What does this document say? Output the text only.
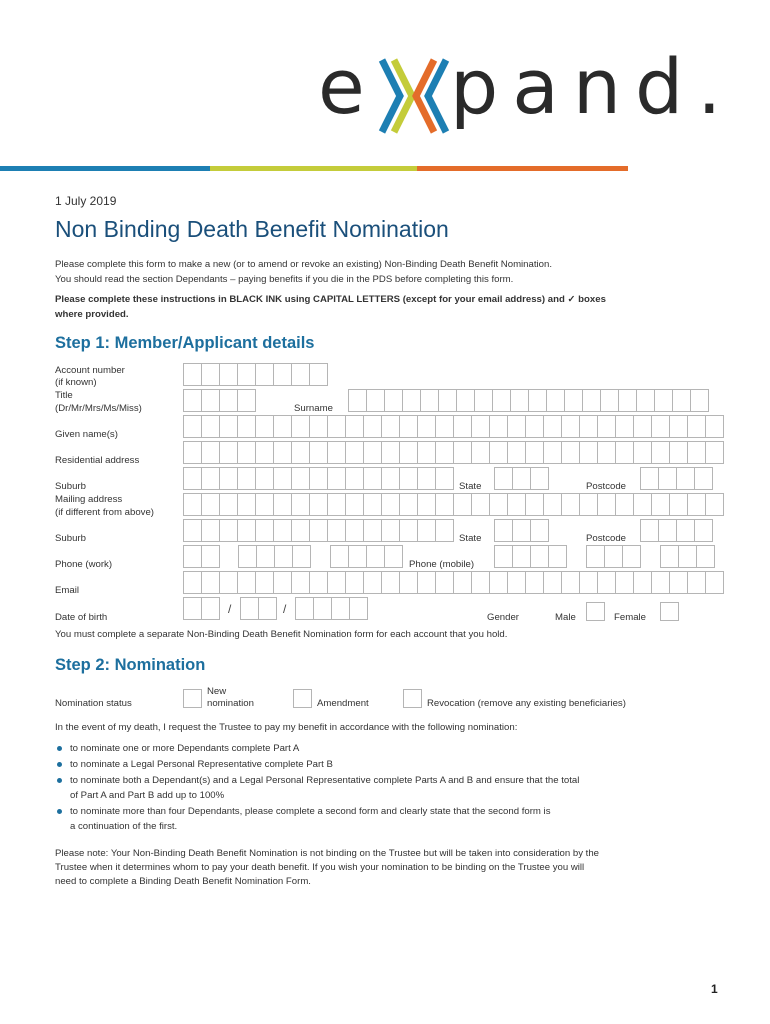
e pand.
1 July 2019
Non Binding Death Benefit Nomination
Please complete this form to make a new (or to amend or revoke an existing) Non-Binding Death Benefit Nomination.
You should read the section Dependants – paying benefits if you die in the PDS before completing this form.
Please complete these instructions in BLACK INK using CAPITAL LETTERS (except for your email address) and ✓ boxes
where provided.
Step 1: Member/Applicant details
Account number
(if known)
Title
(Dr/Mr/Mrs/Ms/Miss)	Surname
Given name(s)
Residential address
Suburb	State	Postcode
Mailing address
(if different from above)
Suburb	State	Postcode
Phone (work)	Phone (mobile)
Email
Date of birth
/	/
Gender	Male	Female
You must complete a separate Non-Binding Death Benefit Nomination form for each account that you hold.
Step 2: Nomination
Nomination status
New
nomination	Amendment	Revocation (remove any existing beneficiaries)
In the event of my death, I request the Trustee to pay my benefit in accordance with the following nomination:
to nominate one or more Dependants complete Part A
to nominate a Legal Personal Representative complete Part B
to nominate both a Dependant(s) and a Legal Personal Representative complete Parts A and B and ensure that the total
of Part A and Part B add up to 100%
to nominate more than four Dependants, please complete a second form and clearly state that the second form is
a continuation of the first.
Please note: Your Non-Binding Death Benefit Nomination is not binding on the Trustee but will be taken into consideration by the
Trustee when it determines whom to pay your death benefit. If you wish your nomination to be binding on the Trustee you will
need to complete a Binding Death Benefit Nomination Form.
1
